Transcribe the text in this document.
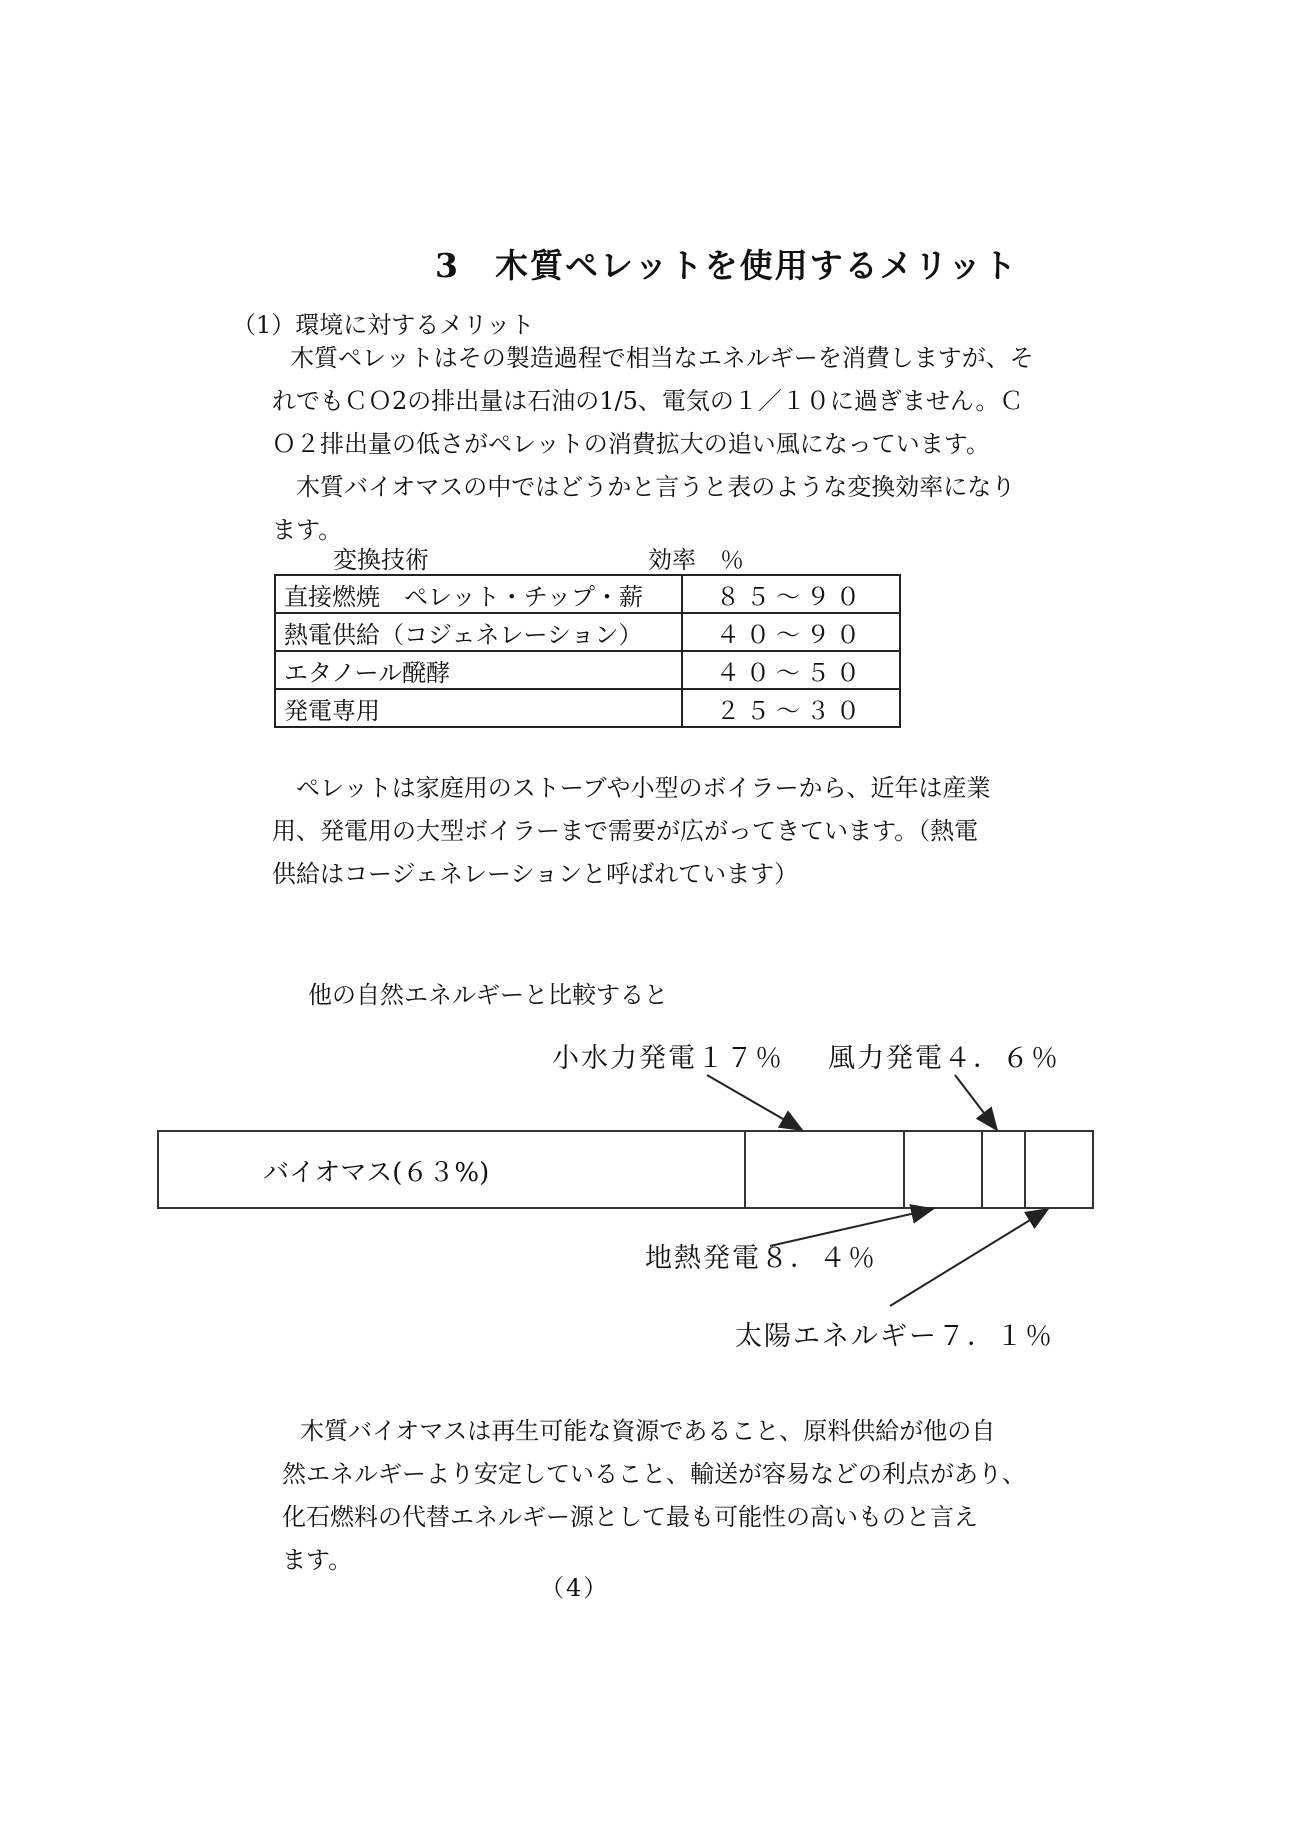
3　木質ペレットを使用するメリット
（1）環境に対するメリット

木質ペレットはその製造過程で相当なエネルギーを消費しますが、そ

れでもＣＯ2の排出量は石油の1/5、電気の１／１０に過ぎません。Ｃ

Ｏ２排出量の低さがペレットの消費拡大の追い風になっています。

　木質バイオマスの中ではどうかと言うと表のような変換効率になり

ます。

変換技術	効率　％
直接燃焼　ペレット・チップ・薪	８５～９０
熱電供給（コジェネレーション）	４０～９０
エタノール醗酵	４０～５０
発電専用	２５～３０

　ペレットは家庭用のストーブや小型のボイラーから、近年は産業

用、発電用の大型ボイラーまで需要が広がってきています。（熱電

供給はコージェネレーションと呼ばれています）

他の自然エネルギーと比較すると
バイオマス(６３%)
小水力発電１７％ 風力発電４．６％
地熱発電８．４％
太陽エネルギー７．１％

木質バイオマスは再生可能な資源であること、原料供給が他の自

然エネルギーより安定していること、輸送が容易などの利点があり、

化石燃料の代替エネルギー源として最も可能性の高いものと言え

ます。

（4）
